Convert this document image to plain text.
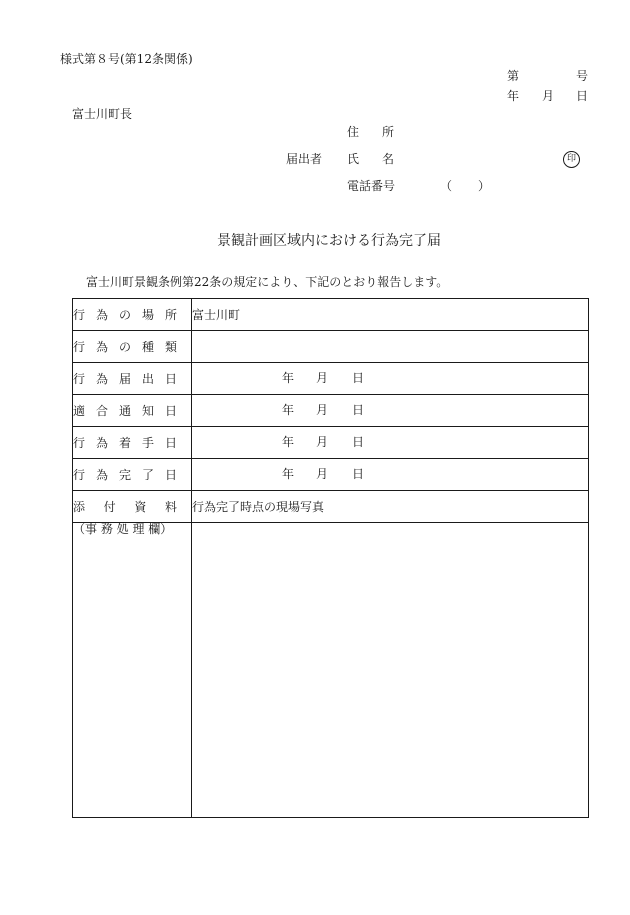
様式第８号(第12条関係)
第	号
年 月 日
富士川町長
住 所
届出者 氏 名	印
電話番号	（ ）
景観計画区域内における行為完了届
富士川町景観条例第22条の規定により、下記のとおり報告します。
行 為 の 場 所	富士川町

行 為 の 種 類	

行 為 届 出 日	年 月 日

適 合 通 知 日	年 月 日

行 為 着 手 日	年 月 日

行 為 完 了 日	年 月 日

添 付 資 料	行為完了時点の現場写真
（事 務 処 理 欄）	
